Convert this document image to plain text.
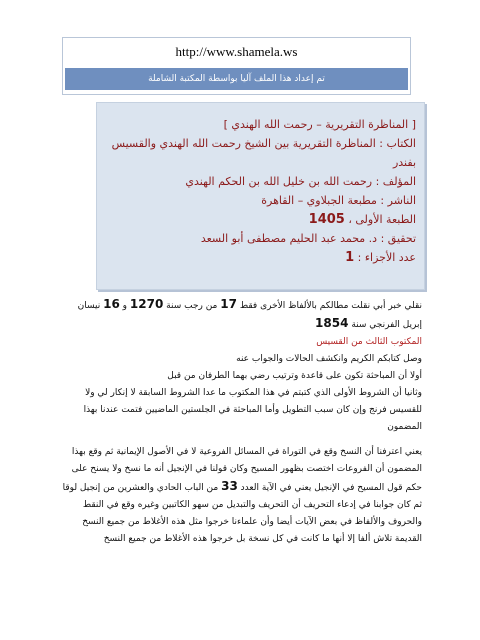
http://www.shamela.ws
تم إعداد هذا الملف آليا بواسطة المكتبة الشاملة
[ المناظرة التقريرية – رحمت الله الهندي ]
الكتاب : المناظرة التقريرية بين الشيخ رحمت الله الهندي والقسيس
بفندر
المؤلف : رحمت الله بن خليل الله بن الحكم الهندي
الناشر : مطبعة الجبلاوي – القاهرة
الطبعة الأولى ، 1405
تحقيق : د. محمد عبد الحليم مصطفى أبو السعد
عدد الأجزاء : 1

نقلي خبر أبي نقلت مطالكم بالألفاظ الأخرى فقط 17 من رجب سنة 1270 و 16 نيسان
إبريل الفرنجي سنة 1854

المكتوب الثالث من القسيس

وصل كتابكم الكريم وانكشف الحالات والجواب عنه

أولا أن المباحثة تكون على قاعدة وترتيب رضي بهما الطرفان من قبل

وثانيا أن الشروط الأولى الذي كتبتم في هذا المكتوب ما عدا الشروط السابقة لا إنكار لي ولا للقسيس فرنج وإن كان سبب التطويل وأما المباحثة في الجلستين الماضيين فتمت عندنا بهذا المضمون

يعني اعترفنا أن النسخ وقع في التوراة في المسائل الفروعية لا في الأصول الإيمانية ثم وقع بهذا المضمون أن الفروعات اختصت بظهور المسيح وكان قولنا في الإنجيل أنه ما نسخ ولا يسنح على حكم قول المسيح في الإنجيل يعني في الآية العدد 33 من الباب الحادي والعشرين من إنجيل لوقا

ثم كان جوابنا في إدعاء التحريف أن التحريف والتبديل من سهو الكاتبين وغيره وقع في النقط والحروف والألفاظ في بعض الآيات أيضا وأن علماءنا خرجوا مثل هذه الأغلاط من جميع النسخ القديمة تلاش ألفا إلا أنها ما كانت في كل نسخة بل خرجوا هذه الأغلاط من جميع النسخ
